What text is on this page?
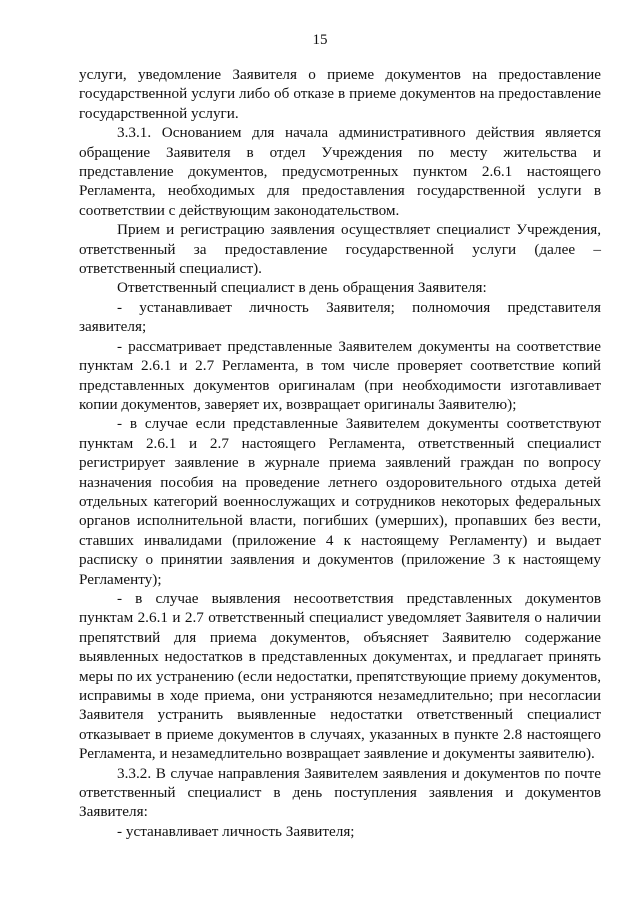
15

услуги, уведомление Заявителя о приеме документов на предоставление государственной услуги либо об отказе в приеме документов на предоставление государственной услуги.

3.3.1. Основанием для начала административного действия является обращение Заявителя в отдел Учреждения по месту жительства и представление документов, предусмотренных пунктом 2.6.1 настоящего Регламента, необходимых для предоставления государственной услуги в соответствии с действующим законодательством.

Прием и регистрацию заявления осуществляет специалист Учреждения, ответственный за предоставление государственной услуги (далее – ответственный специалист).

Ответственный специалист в день обращения Заявителя:

- устанавливает личность Заявителя; полномочия представителя заявителя;

- рассматривает представленные Заявителем документы на соответствие пунктам 2.6.1 и 2.7 Регламента, в том числе проверяет соответствие копий представленных документов оригиналам (при необходимости изготавливает копии документов, заверяет их, возвращает оригиналы Заявителю);

- в случае если представленные Заявителем документы соответствуют пунктам 2.6.1 и 2.7 настоящего Регламента, ответственный специалист регистрирует заявление в журнале приема заявлений граждан по вопросу назначения пособия на проведение летнего оздоровительного отдыха детей отдельных категорий военнослужащих и сотрудников некоторых федеральных органов исполнительной власти, погибших (умерших), пропавших без вести, ставших инвалидами (приложение 4 к настоящему Регламенту) и выдает расписку о принятии заявления и документов (приложение 3 к настоящему Регламенту);

- в случае выявления несоответствия представленных документов пунктам 2.6.1 и 2.7 ответственный специалист уведомляет Заявителя о наличии препятствий для приема документов, объясняет Заявителю содержание выявленных недостатков в представленных документах, и предлагает принять меры по их устранению (если недостатки, препятствующие приему документов, исправимы в ходе приема, они устраняются незамедлительно; при несогласии Заявителя устранить выявленные недостатки ответственный специалист отказывает в приеме документов в случаях, указанных в пункте 2.8 настоящего Регламента, и незамедлительно возвращает заявление и документы заявителю).

3.3.2. В случае направления Заявителем заявления и документов по почте ответственный специалист в день поступления заявления и документов Заявителя:

- устанавливает личность Заявителя;
